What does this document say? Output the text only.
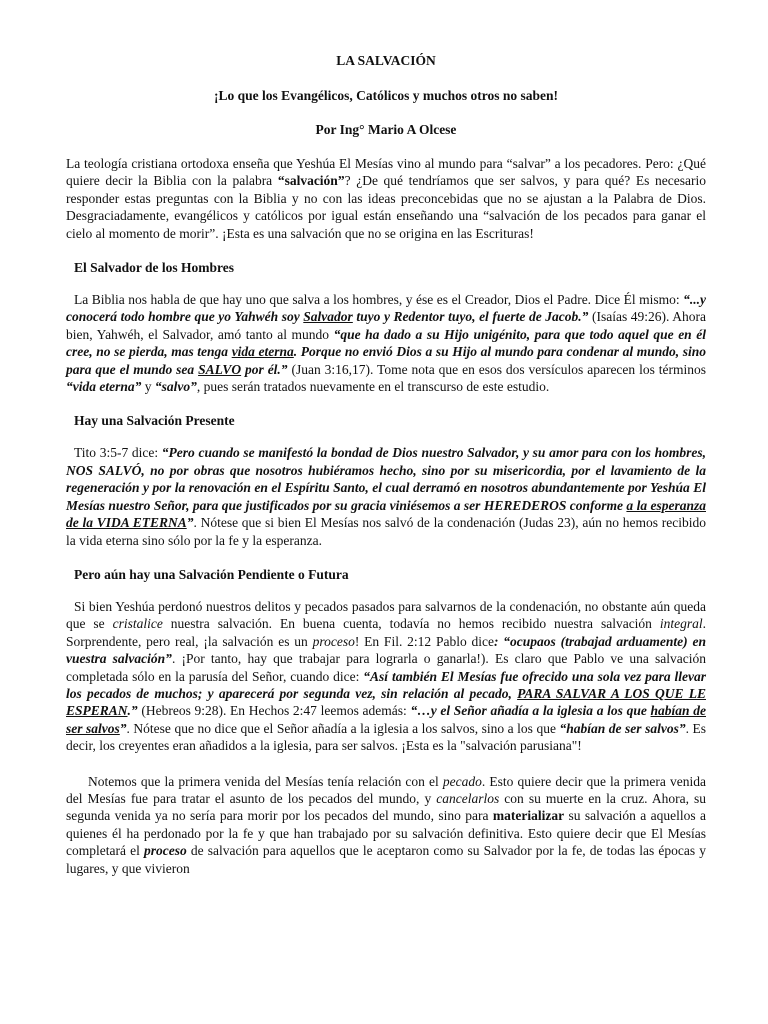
LA SALVACIÓN
¡Lo que los Evangélicos, Católicos y muchos otros no saben!
Por Ing° Mario A Olcese

La teología cristiana ortodoxa enseña que Yeshúa El Mesías vino al mundo para “salvar” a los pecadores. Pero: ¿Qué quiere decir la Biblia con la palabra “salvación”? ¿De qué tendríamos que ser salvos, y para qué? Es necesario responder estas preguntas con la Biblia y no con las ideas preconcebidas que no se ajustan a la Palabra de Dios. Desgraciadamente, evangélicos y católicos por igual están enseñando una “salvación de los pecados para ganar el cielo al momento de morir”. ¡Esta es una salvación que no se origina en las Escrituras!

El Salvador de los Hombres

La Biblia nos habla de que hay uno que salva a los hombres, y ése es el Creador, Dios el Padre. Dice Él mismo: “...y conocerá todo hombre que yo Yahwéh soy Salvador tuyo y Redentor tuyo, el fuerte de Jacob.” (Isaías 49:26). Ahora bien, Yahwéh, el Salvador, amó tanto al mundo “que ha dado a su Hijo unigénito, para que todo aquel que en él cree, no se pierda, mas tenga vida eterna. Porque no envió Dios a su Hijo al mundo para condenar al mundo, sino para que el mundo sea SALVO por él.” (Juan 3:16,17). Tome nota que en esos dos versículos aparecen los términos “vida eterna” y “salvo”, pues serán tratados nuevamente en el transcurso de este estudio.

Hay una Salvación Presente

Tito 3:5-7 dice: “Pero cuando se manifestó la bondad de Dios nuestro Salvador, y su amor para con los hombres, NOS SALVÓ, no por obras que nosotros hubiéramos hecho, sino por su misericordia, por el lavamiento de la regeneración y por la renovación en el Espíritu Santo, el cual derramó en nosotros abundantemente por Yeshúa El Mesías nuestro Señor, para que justificados por su gracia viniésemos a ser HEREDEROS conforme a la esperanza de la VIDA ETERNA”. Nótese que si bien El Mesías nos salvó de la condenación (Judas 23), aún no hemos recibido la vida eterna sino sólo por la fe y la esperanza.

Pero aún hay una Salvación Pendiente o Futura

Si bien Yeshúa perdonó nuestros delitos y pecados pasados para salvarnos de la condenación, no obstante aún queda que se cristalice nuestra salvación. En buena cuenta, todavía no hemos recibido nuestra salvación integral. Sorprendente, pero real, ¡la salvación es un proceso! En Fil. 2:12 Pablo dice: “ocupaos (trabajad arduamente) en vuestra salvación”. ¡Por tanto, hay que trabajar para lograrla o ganarla!). Es claro que Pablo ve una salvación completada sólo en la parusía del Señor, cuando dice: “Así también El Mesías fue ofrecido una sola vez para llevar los pecados de muchos; y aparecerá por segunda vez, sin relación al pecado, PARA SALVAR A LOS QUE LE ESPERAN.” (Hebreos 9:28). En Hechos 2:47 leemos además: “…y el Señor añadía a la iglesia a los que habían de ser salvos”. Nótese que no dice que el Señor añadía a la iglesia a los salvos, sino a los que “habían de ser salvos”. Es decir, los creyentes eran añadidos a la iglesia, para ser salvos. ¡Esta es la "salvación parusiana"!

Notemos que la primera venida del Mesías tenía relación con el pecado. Esto quiere decir que la primera venida del Mesías fue para tratar el asunto de los pecados del mundo, y cancelarlos con su muerte en la cruz. Ahora, su segunda venida ya no sería para morir por los pecados del mundo, sino para materializar su salvación a aquellos a quienes él ha perdonado por la fe y que han trabajado por su salvación definitiva. Esto quiere decir que El Mesías completará el proceso de salvación para aquellos que le aceptaron como su Salvador por la fe, de todas las épocas y lugares, y que vivieron
